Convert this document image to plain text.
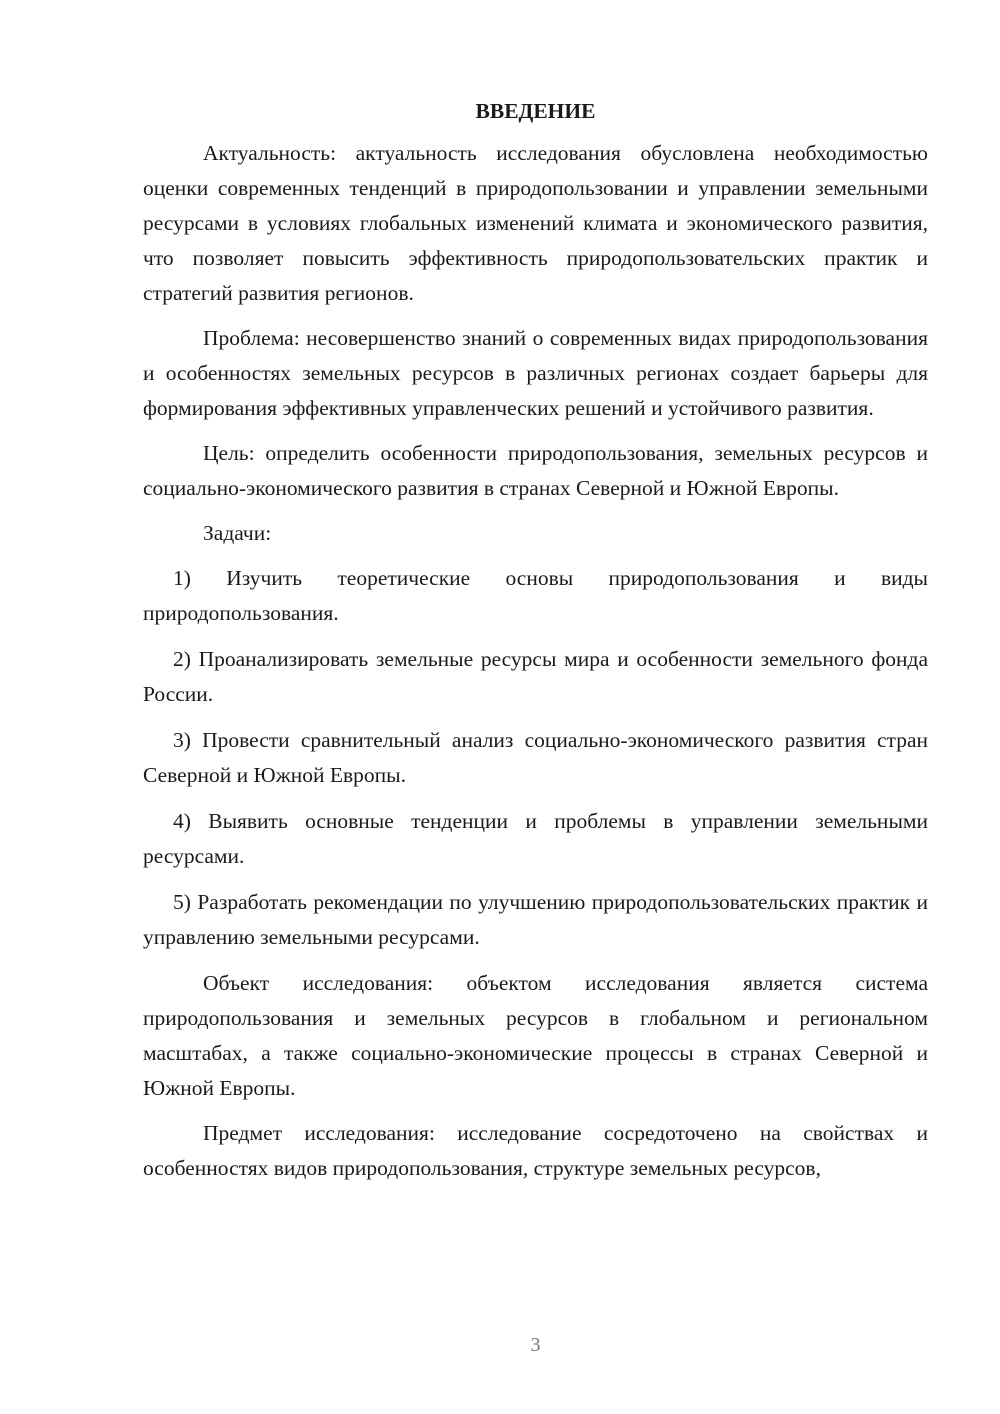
ВВЕДЕНИЕ
Актуальность: актуальность исследования обусловлена необходимостью оценки современных тенденций в природопользовании и управлении земельными ресурсами в условиях глобальных изменений климата и экономического развития, что позволяет повысить эффективность природопользовательских практик и стратегий развития регионов.
Проблема: несовершенство знаний о современных видах природопользования и особенностях земельных ресурсов в различных регионах создает барьеры для формирования эффективных управленческих решений и устойчивого развития.
Цель: определить особенности природопользования, земельных ресурсов и социально-экономического развития в странах Северной и Южной Европы.
Задачи:
1) Изучить теоретические основы природопользования и виды природопользования.
2) Проанализировать земельные ресурсы мира и особенности земельного фонда России.
3) Провести сравнительный анализ социально-экономического развития стран Северной и Южной Европы.
4) Выявить основные тенденции и проблемы в управлении земельными ресурсами.
5) Разработать рекомендации по улучшению природопользовательских практик и управлению земельными ресурсами.
Объект исследования: объектом исследования является система природопользования и земельных ресурсов в глобальном и региональном масштабах, а также социально-экономические процессы в странах Северной и Южной Европы.
Предмет исследования: исследование сосредоточено на свойствах и особенностях видов природопользования, структуре земельных ресурсов,
3
